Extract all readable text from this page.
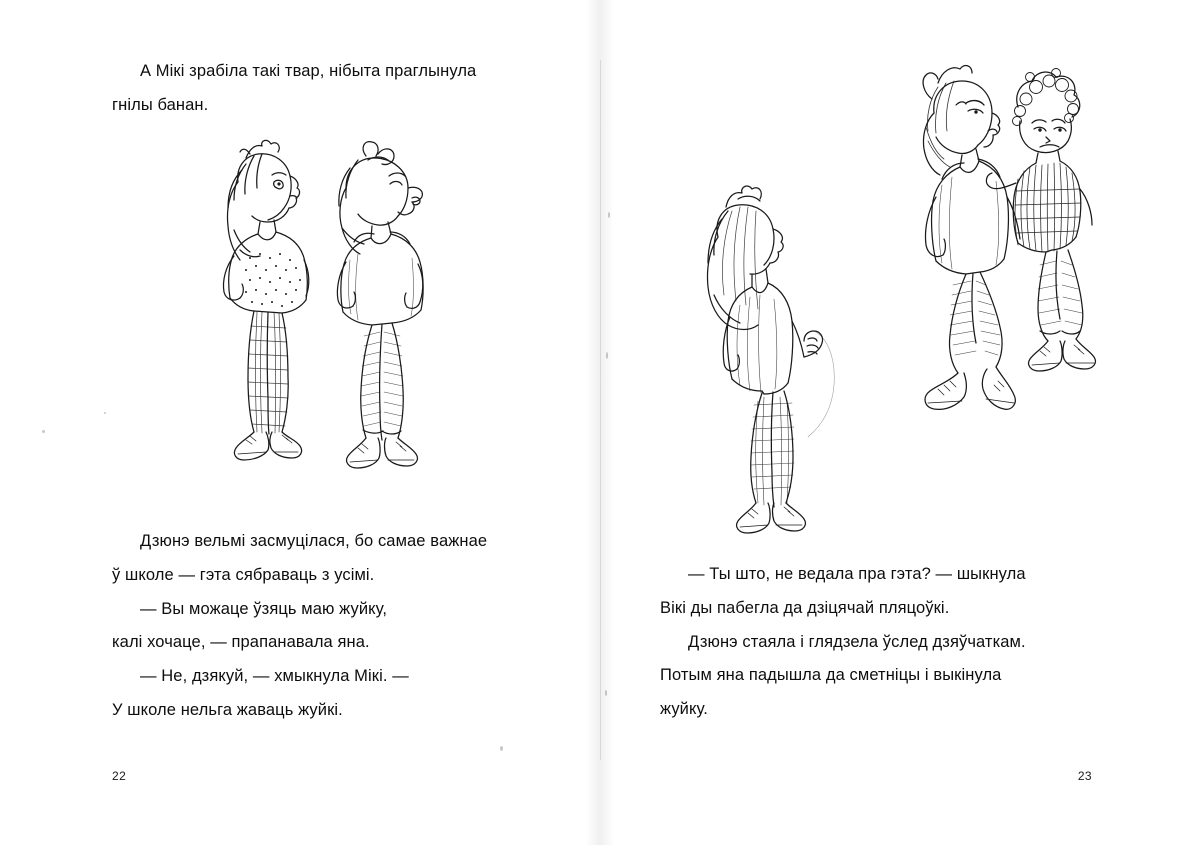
А Мікі зрабіла такі твар, нібыта праглынула

гнілы банан.

Дзюнэ вельмі засмуцілася, бо самае важнае

ў школе — гэта сябраваць з усімі.

— Вы можаце ўзяць маю жуйку,

калі хочаце, — прапанавала яна.

— Не, дзякуй, — хмыкнула Мікі. —

У школе нельга жаваць жуйкі.

22

— Ты што, не ведала пра гэта? — шыкнула

Вікі ды пабегла да дзіцячай пляцоўкі.

Дзюнэ стаяла і глядзела ўслед дзяўчаткам.

Потым яна падышла да сметніцы і выкінула

жуйку.

23
